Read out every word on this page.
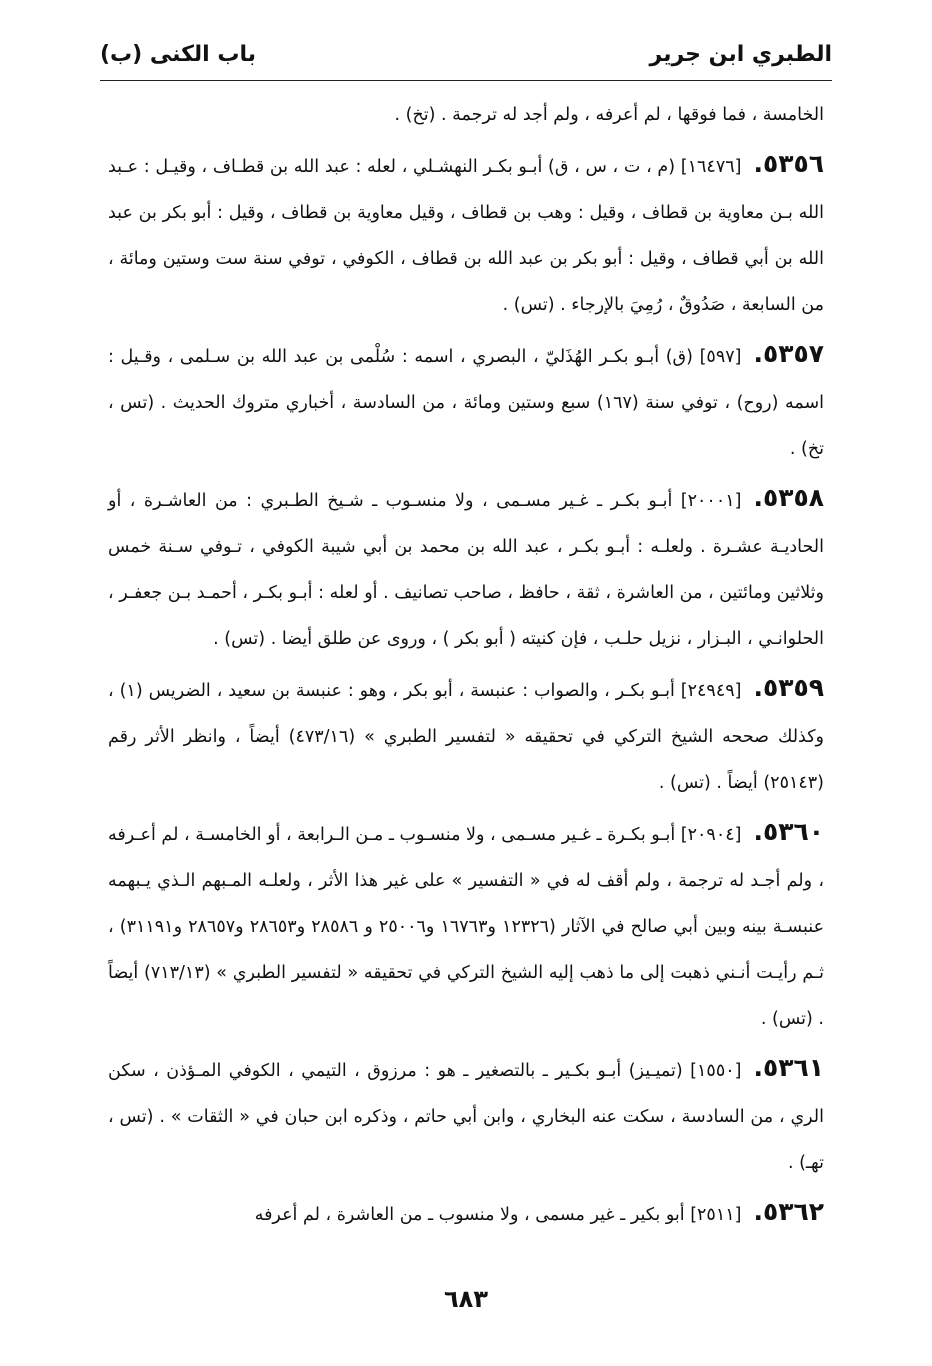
الطبري ابن جرير
باب الكنى (ب)

الخامسة ، فما فوقها ، لم أعرفه ، ولم أجد له ترجمة . (تخ) .

٥٣٥٦.[١٦٤٧٦] (م ، ت ، س ، ق) أبـو بكـر النهشـلي ، لعله : عبد الله بن قطـاف ، وقيـل : عـبد الله بـن معاوية بن قطاف ، وقيل : وهب بن قطاف ، وقيل معاوية بن قطاف ، وقيل : أبو بكر بن عبد الله بن أبي قطاف ، وقيل : أبو بكر بن عبد الله بن قطاف ، الكوفي ، توفي سنة ست وستين ومائة ، من السابعة ، صَدُوقٌ ، رُمِيَ بالإرجاء . (تس) .

٥٣٥٧.[٥٩٧] (ق) أبـو بكـر الهُذَليّ ، البصري ، اسمه : سُلْمى بن عبد الله بن سـلمى ، وقـيل : اسمه (روح) ، توفي سنة (١٦٧) سبع وستين ومائة ، من السادسة ، أخباري متروك الحديث . (تس ، تخ) .

٥٣٥٨.[٢٠٠٠١] أبـو بكـر ـ غـير مسـمى ، ولا منسـوب ـ شـيخ الطـبري : من العاشـرة ، أو الحاديـة عشـرة . ولعلـه : أبـو بكـر ، عبد الله بن محمد بن أبي شيبة الكوفي ، تـوفي سـنة خمس وثلاثين ومائتين ، من العاشرة ، ثقة ، حافظ ، صاحب تصانيف . أو لعله : أبـو بكـر ، أحمـد بـن جعفـر ، الحلوانـي ، البـزار ، نزيل حلـب ، فإن كنيته ( أبو بكر ) ، وروى عن طلق أيضا . (تس) .

٥٣٥٩.[٢٤٩٤٩] أبـو بكـر ، والصواب : عنبسة ، أبو بكر ، وهو : عنبسة بن سعيد ، الضريس (١) ، وكذلك صححه الشيخ التركي في تحقيقه « لتفسير الطبري » (٤٧٣/١٦) أيضاً ، وانظر الأثر رقم (٢٥١٤٣) أيضاً . (تس) .

٥٣٦٠.[٢٠٩٠٤] أبـو بكـرة ـ غـير مسـمى ، ولا منسـوب ـ مـن الـرابعة ، أو الخامسـة ، لم أعـرفه ، ولم أجـد له ترجمة ، ولم أقف له في « التفسير » على غير هذا الأثر ، ولعلـه المـبهم الـذي يـبهمه عنبسـة بينه وبين أبي صالح في الآثار (١٢٣٢٦ و١٦٧٦٣ و٢٥٠٠٦ و ٢٨٥٨٦ و٢٨٦٥٣ و٢٨٦٥٧ و٣١١٩١) ، ثـم رأيـت أنـني ذهبت إلى ما ذهب إليه الشيخ التركي في تحقيقه « لتفسير الطبري » (٧١٣/١٣) أيضاً . (تس) .

٥٣٦١.[١٥٥٠] (تميـيز) أبـو بكـير ـ بالتصغير ـ هو : مرزوق ، التيمي ، الكوفي المـؤذن ، سكن الري ، من السادسة ، سكت عنه البخاري ، وابن أبي حاتم ، وذكره ابن حبان في « الثقات » . (تس ، تهـ) .

٥٣٦٢.[٢٥١١] أبو بكير ـ غير مسمى ، ولا منسوب ـ من العاشرة ، لم أعرفه

٦٨٣
